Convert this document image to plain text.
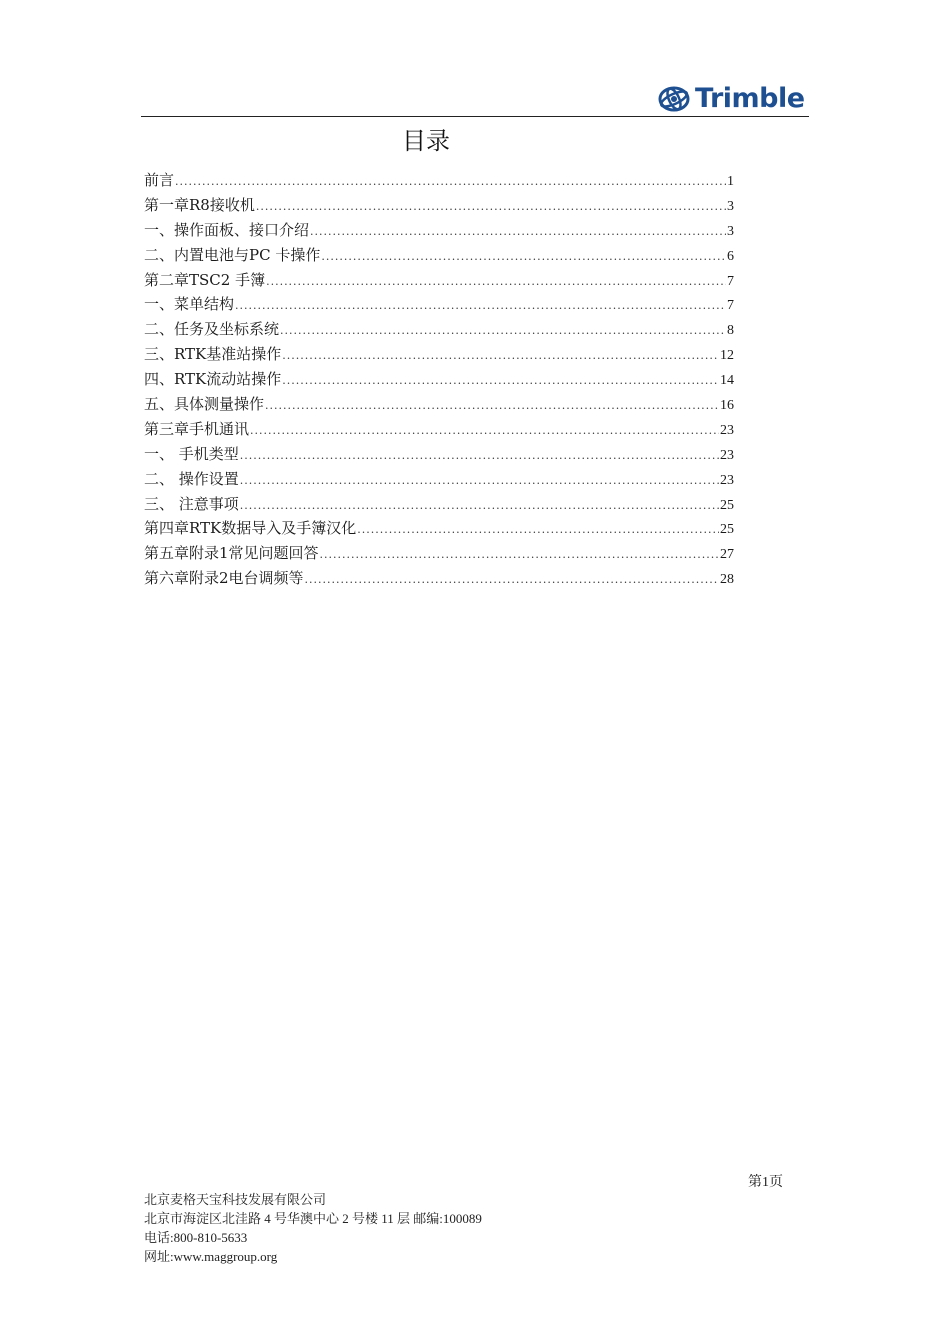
Trimble
目录
前言 .....	1
第一章R8接收机 .....	3
一、操作面板、接口介绍 .....	3
二、内置电池与PC 卡操作 .....	6
第二章TSC2 手簿 .....	7
一、菜单结构 .....	7
二、任务及坐标系统 .....	8
三、RTK基准站操作 .....	12
四、RTK流动站操作 .....	14
五、具体测量操作 .....	16
第三章手机通讯 .....	23
一、 手机类型 .....	23
二、 操作设置 .....	23
三、 注意事项 .....	25
第四章RTK数据导入及手簿汉化 .....	25
第五章附录1常见问题回答 .....	27
第六章附录2电台调频等 .....	28
第1页
北京麦格天宝科技发展有限公司
北京市海淀区北洼路 4 号华澳中心 2 号楼 11 层 邮编:100089
电话:800-810-5633
网址:www.maggroup.org
